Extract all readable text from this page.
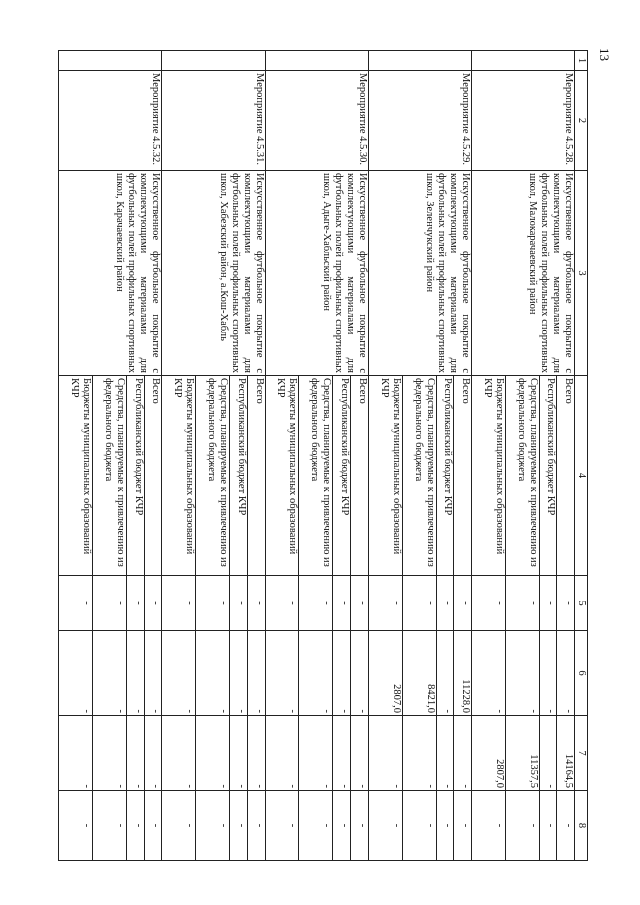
13
1	2	3	4	5	6	7	8
	Мероприятие 4.5.28.	Искусственное футбольное покрытие с комплектующими материалами для футбольных полей профильных спортивных школ, Малокарачаевский район	Всего	-	-	14164,5	-
			Республиканский бюджет КЧР	-	-	-	-
			Средства, планируемые к привлечению из федерального бюджета	-	-	11357,5	-
			Бюджеты муниципальных образований КЧР	-	-	2807,0	-
	Мероприятие 4.5.29.	Искусственное футбольное покрытие с комплектующими материалами для футбольных полей профильных спортивных школ, Зеленчукский район	Всего	-	11228,0	-	-
			Республиканский бюджет КЧР	-	-	-	-
			Средства, планируемые к привлечению из федерального бюджета	-	8421,0	-	-
			Бюджеты муниципальных образований КЧР	-	2807,0	-	-
	Мероприятие 4.5.30.	Искусственное футбольное покрытие с комплектующими материалами для футбольных полей профильных спортивных школ, Адыге-Хабльский район	Всего	-	-	-	-
			Республиканский бюджет КЧР	-	-	-	-
			Средства, планируемые к привлечению из федерального бюджета	-	-	-	-
			Бюджеты муниципальных образований КЧР	-	-	-	-
	Мероприятие 4.5.31.	Искусственное футбольное покрытие с комплектующими материалами для футбольных полей профильных спортивных школ, Хабезский район, а.Кош-Хабль	Всего	-	-	-	-
			Республиканский бюджет КЧР	-	-	-	-
			Средства, планируемые к привлечению из федерального бюджета	-	-	-	-
			Бюджеты муниципальных образований КЧР	-	-	-	-
	Мероприятие 4.5.32.	Искусственное футбольное покрытие с комплектующими материалами для футбольных полей профильных спортивных школ, Карачаевский район	Всего	-	-	-	-
			Республиканский бюджет КЧР	-	-	-	-
			Средства, планируемые к привлечению из федерального бюджета	-	-	-	-
			Бюджеты муниципальных образований КЧР	-	-	-	-
